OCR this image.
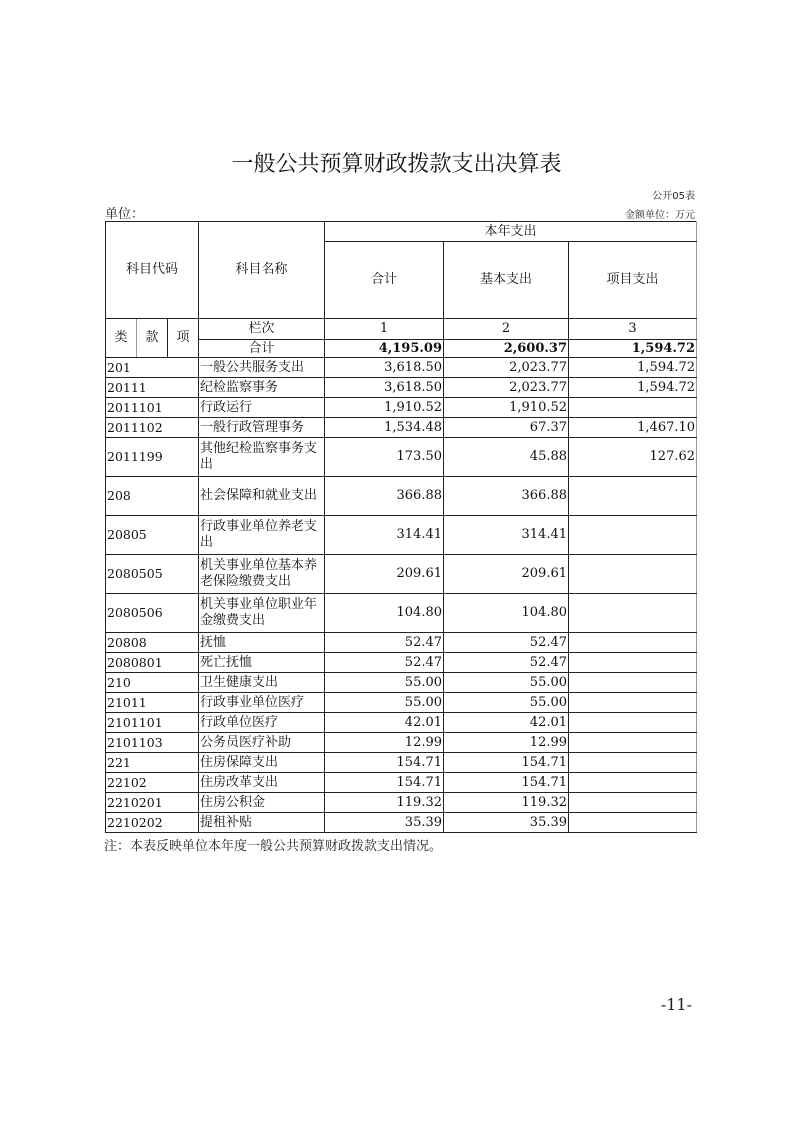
一般公共预算财政拨款支出决算表
公开05表
单位：	金额单位：万元
科目代码			科目名称	本年支出		
				合计	基本支出	项目支出
类	款	项	栏次	1	2	3
			合计	4,195.09	2,600.37	1,594.72
201			一般公共服务支出	3,618.50	2,023.77	1,594.72
20111			纪检监察事务	3,618.50	2,023.77	1,594.72
2011101			行政运行	1,910.52	1,910.52	
2011102			一般行政管理事务	1,534.48	67.37	1,467.10
2011199			其他纪检监察事务支出	173.50	45.88	127.62
208			社会保障和就业支出	366.88	366.88	
20805			行政事业单位养老支出	314.41	314.41	
2080505			机关事业单位基本养老保险缴费支出	209.61	209.61	
2080506			机关事业单位职业年金缴费支出	104.80	104.80	
20808			抚恤	52.47	52.47	
2080801			死亡抚恤	52.47	52.47	
210			卫生健康支出	55.00	55.00	
21011			行政事业单位医疗	55.00	55.00	
2101101			行政单位医疗	42.01	42.01	
2101103			公务员医疗补助	12.99	12.99	
221			住房保障支出	154.71	154.71	
22102			住房改革支出	154.71	154.71	
2210201			住房公积金	119.32	119.32	
2210202			提租补贴	35.39	35.39	
注：本表反映单位本年度一般公共预算财政拨款支出情况。
-11-
